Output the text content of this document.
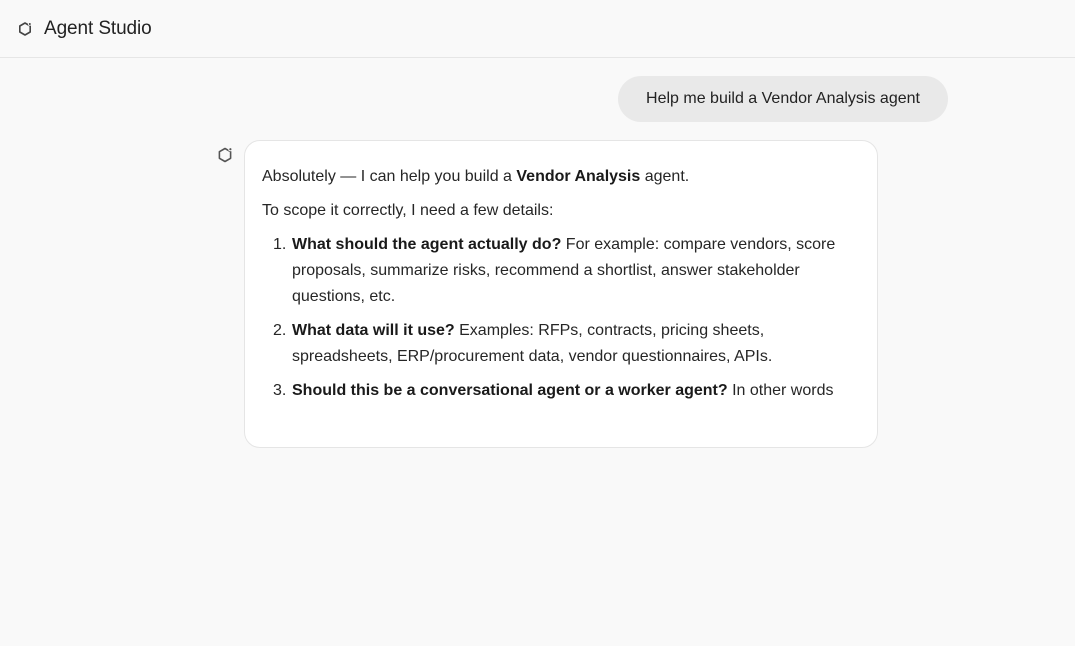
Agent Studio
Help me build a Vendor Analysis agent

Absolutely — I can help you build a Vendor Analysis agent.

To scope it correctly, I need a few details:

1. What should the agent actually do? For example: compare vendors, score proposals, summarize risks, recommend a shortlist, answer stakeholder questions, etc.
2. What data will it use? Examples: RFPs, contracts, pricing sheets, spreadsheets, ERP/procurement data, vendor questionnaires, APIs.
3. Should this be a conversational agent or a worker agent? In other words
